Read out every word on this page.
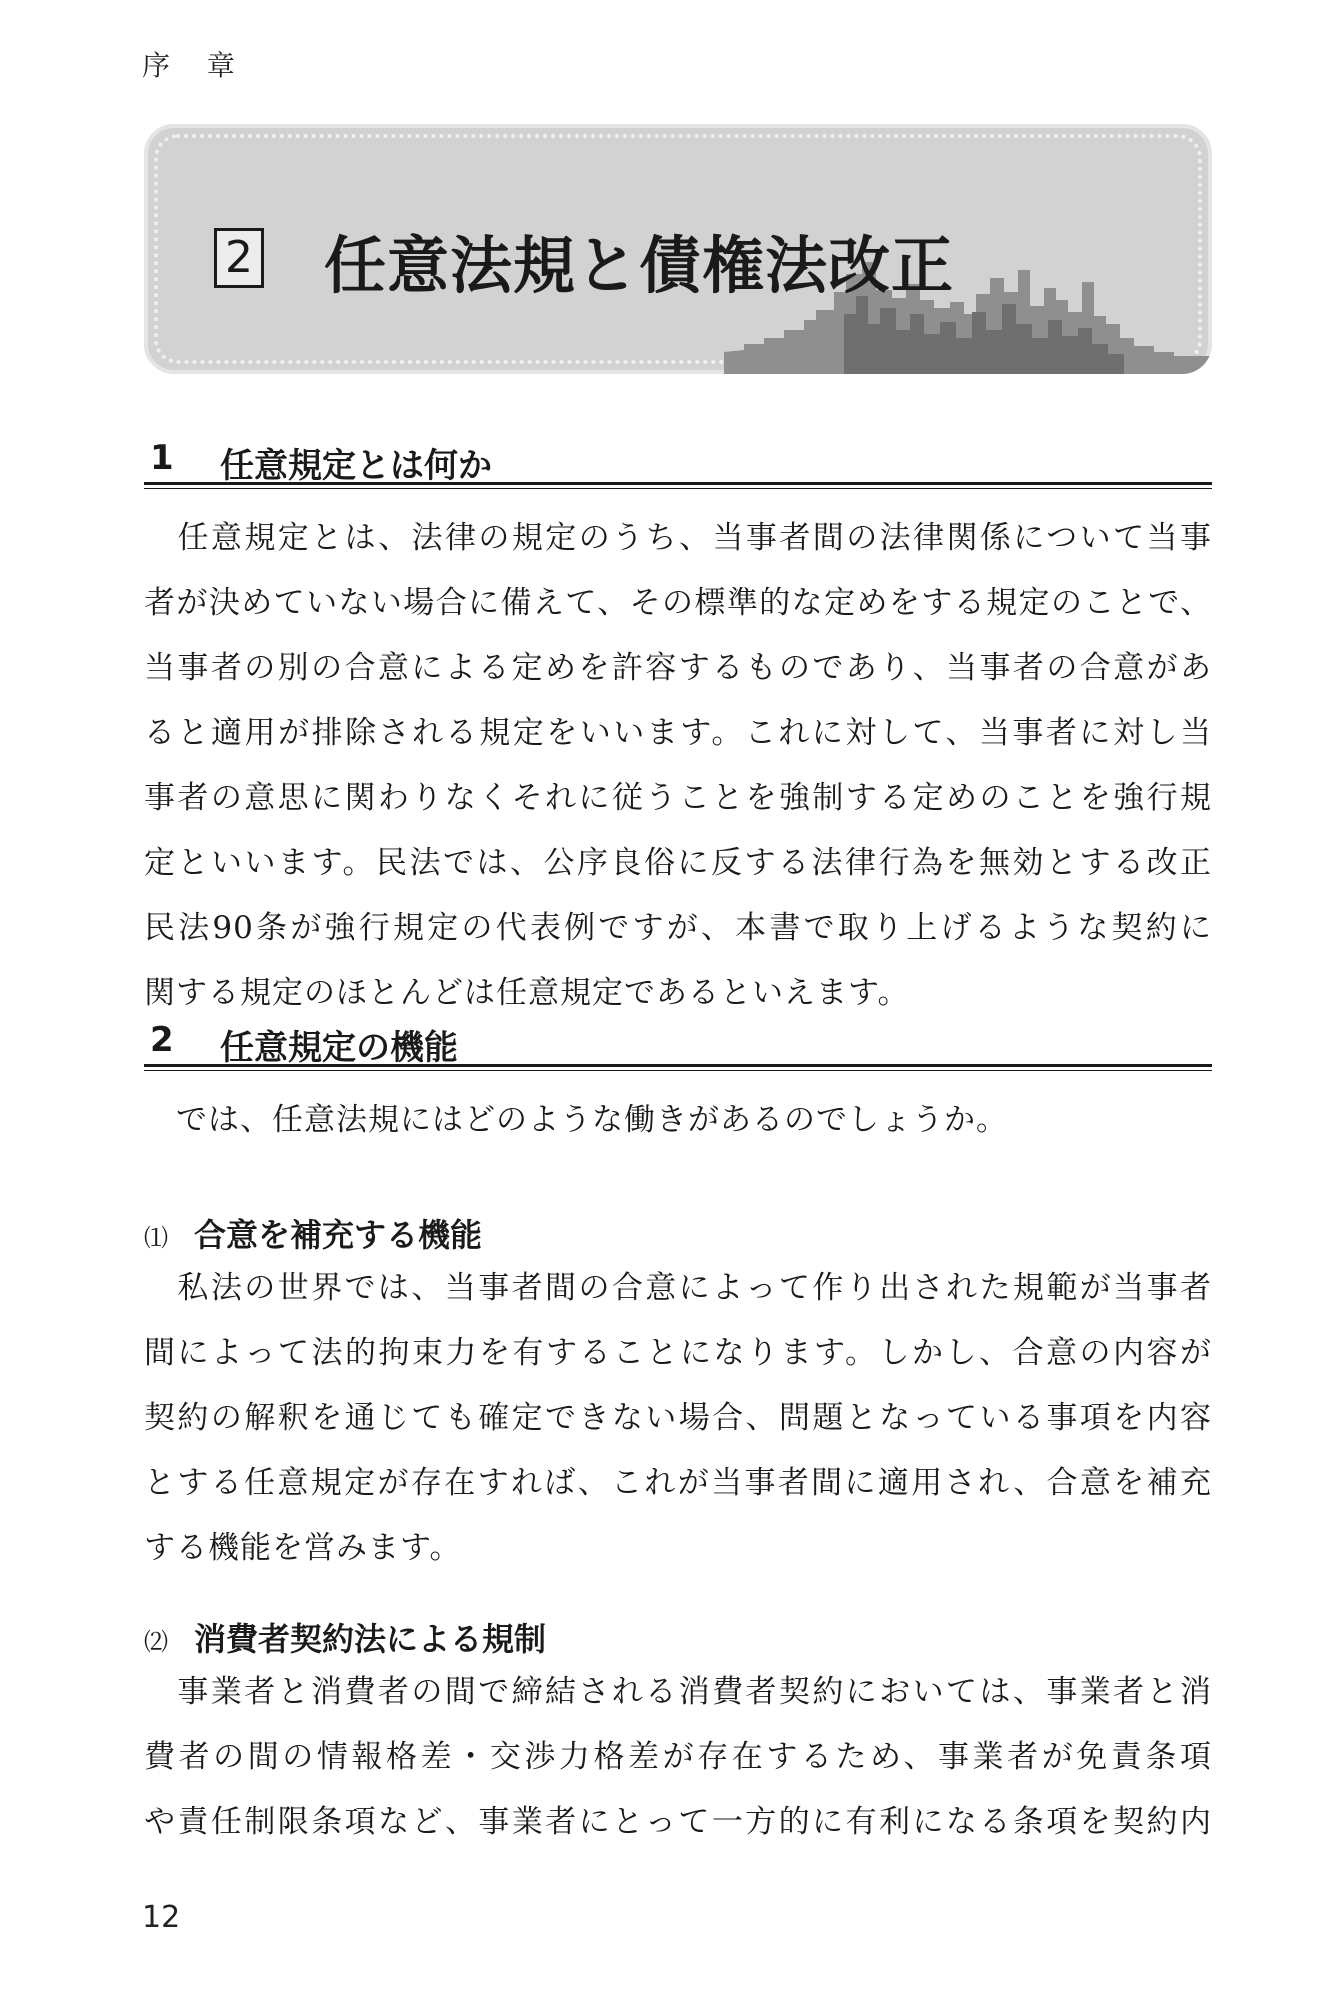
序 章
2 任意法規と債権法改正
1 任意規定とは何か
　任意規定とは、法律の規定のうち、当事者間の法律関係について当事
者が決めていない場合に備えて、その標準的な定めをする規定のことで、
当事者の別の合意による定めを許容するものであり、当事者の合意があ
ると適用が排除される規定をいいます。これに対して、当事者に対し当
事者の意思に関わりなくそれに従うことを強制する定めのことを強行規
定といいます。民法では、公序良俗に反する法律行為を無効とする改正
民法90条が強行規定の代表例ですが、本書で取り上げるような契約に
関する規定のほとんどは任意規定であるといえます。
2 任意規定の機能
　では、任意法規にはどのような働きがあるのでしょうか。
⑴ 合意を補充する機能
　私法の世界では、当事者間の合意によって作り出された規範が当事者
間によって法的拘束力を有することになります。しかし、合意の内容が
契約の解釈を通じても確定できない場合、問題となっている事項を内容
とする任意規定が存在すれば、これが当事者間に適用され、合意を補充
する機能を営みます。
⑵ 消費者契約法による規制
　事業者と消費者の間で締結される消費者契約においては、事業者と消
費者の間の情報格差・交渉力格差が存在するため、事業者が免責条項
や責任制限条項など、事業者にとって一方的に有利になる条項を契約内
12
